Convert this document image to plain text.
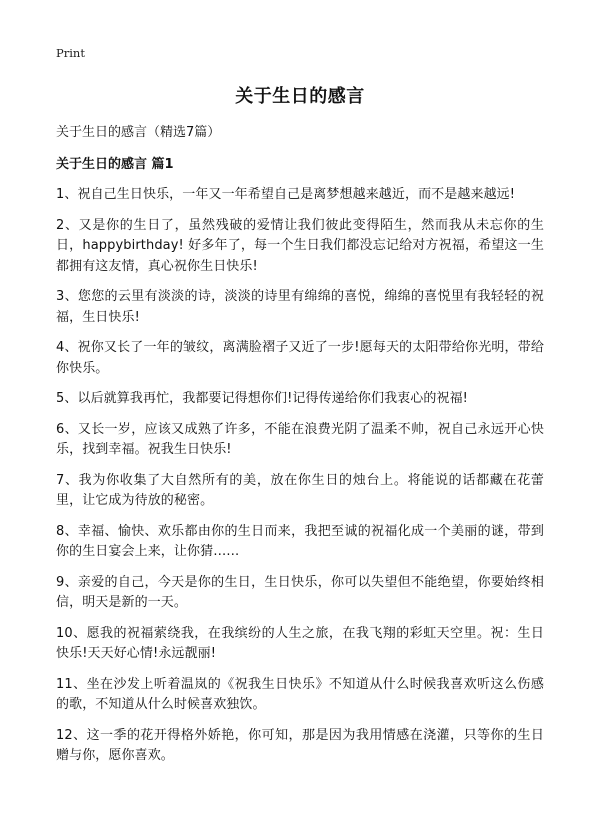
Print
关于生日的感言
关于生日的感言（精选7篇）
关于生日的感言 篇1

1、祝自己生日快乐，一年又一年希望自己是离梦想越来越近，而不是越来越远!

2、又是你的生日了，虽然残破的爱情让我们彼此变得陌生，然而我从未忘你的生日，happybirthday! 好多年了，每一个生日我们都没忘记给对方祝福，希望这一生都拥有这友情，真心祝你生日快乐!

3、您您的云里有淡淡的诗，淡淡的诗里有绵绵的喜悦，绵绵的喜悦里有我轻轻的祝福，生日快乐!

4、祝你又长了一年的皱纹，离满脸褶子又近了一步!愿每天的太阳带给你光明，带给你快乐。

5、以后就算我再忙，我都要记得想你们!记得传递给你们我衷心的祝福!

6、又长一岁，应该又成熟了许多，不能在浪费光阴了温柔不帅，祝自己永远开心快乐，找到幸福。祝我生日快乐!

7、我为你收集了大自然所有的美，放在你生日的烛台上。将能说的话都藏在花蕾里，让它成为待放的秘密。

8、幸福、愉快、欢乐都由你的生日而来，我把至诚的祝福化成一个美丽的谜，带到你的生日宴会上来，让你猜……

9、亲爱的自己，今天是你的生日，生日快乐，你可以失望但不能绝望，你要始终相信，明天是新的一天。

10、愿我的祝福萦绕我，在我缤纷的人生之旅，在我飞翔的彩虹天空里。祝：生日快乐!天天好心情!永远靓丽!

11、坐在沙发上听着温岚的《祝我生日快乐》不知道从什么时候我喜欢听这么伤感的歌，不知道从什么时候喜欢独饮。

12、这一季的花开得格外娇艳，你可知，那是因为我用情感在浇灌，只等你的生日赠与你，愿你喜欢。
